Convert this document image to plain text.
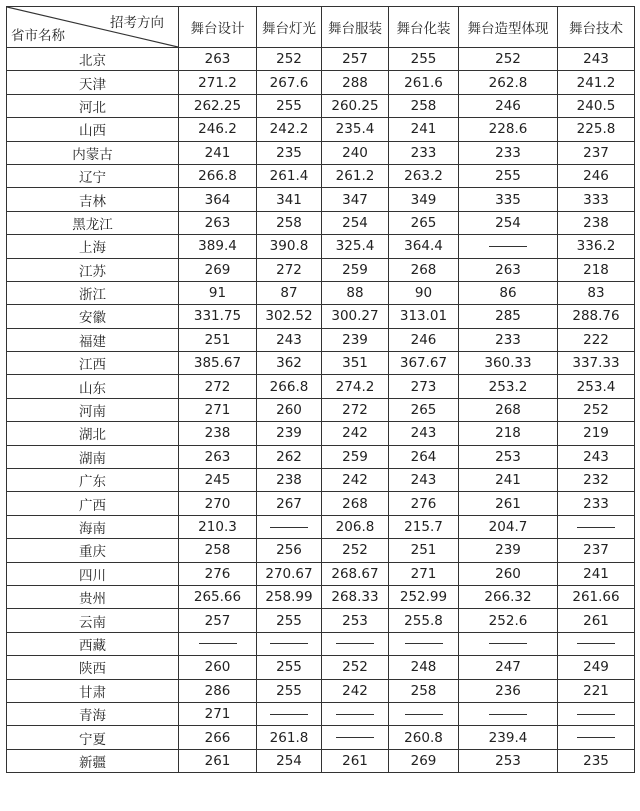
招考方向
省市名称	舞台设计	舞台灯光	舞台服装	舞台化装	舞台造型体现	舞台技术
北京	263	252	257	255	252	243
天津	271.2	267.6	288	261.6	262.8	241.2
河北	262.25	255	260.25	258	246	240.5
山西	246.2	242.2	235.4	241	228.6	225.8
内蒙古	241	235	240	233	233	237
辽宁	266.8	261.4	261.2	263.2	255	246
吉林	364	341	347	349	335	333
黑龙江	263	258	254	265	254	238
上海	389.4	390.8	325.4	364.4		336.2
江苏	269	272	259	268	263	218
浙江	91	87	88	90	86	83
安徽	331.75	302.52	300.27	313.01	285	288.76
福建	251	243	239	246	233	222
江西	385.67	362	351	367.67	360.33	337.33
山东	272	266.8	274.2	273	253.2	253.4
河南	271	260	272	265	268	252
湖北	238	239	242	243	218	219
湖南	263	262	259	264	253	243
广东	245	238	242	243	241	232
广西	270	267	268	276	261	233
海南	210.3		206.8	215.7	204.7	
重庆	258	256	252	251	239	237
四川	276	270.67	268.67	271	260	241
贵州	265.66	258.99	268.33	252.99	266.32	261.66
云南	257	255	253	255.8	252.6	261
西藏						
陕西	260	255	252	248	247	249
甘肃	286	255	242	258	236	221
青海	271					
宁夏	266	261.8		260.8	239.4	
新疆	261	254	261	269	253	235
